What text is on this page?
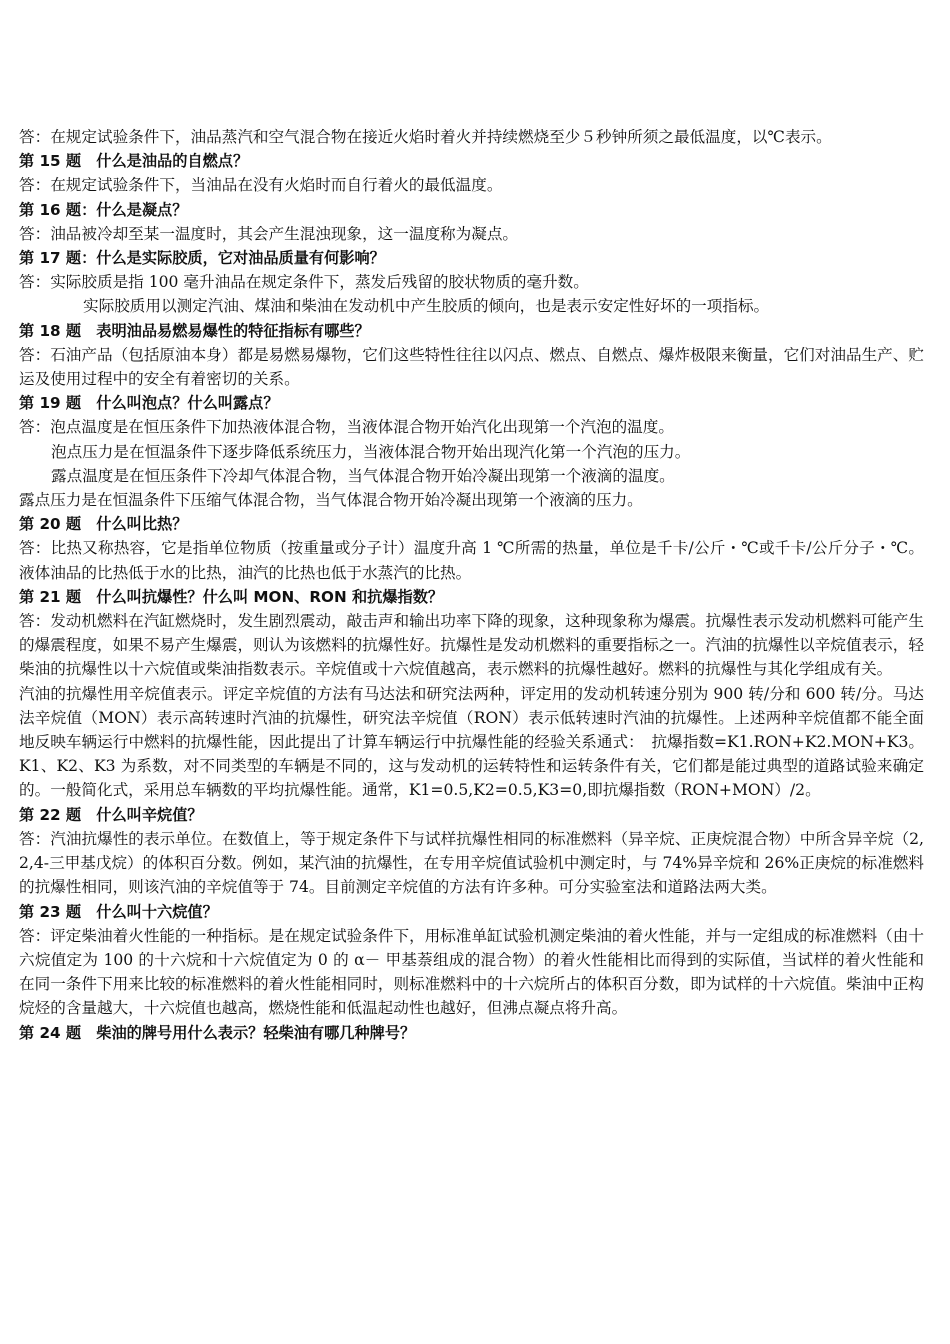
答：在规定试验条件下，油品蒸汽和空气混合物在接近火焰时着火并持续燃烧至少５秒钟所须之最低温度，以℃表示。

第 15 题　什么是油品的自燃点？

答：在规定试验条件下，当油品在没有火焰时而自行着火的最低温度。

第 16 题：什么是凝点？

答：油品被冷却至某一温度时，其会产生混浊现象，这一温度称为凝点。

第 17 题：什么是实际胶质，它对油品质量有何影响？

答：实际胶质是指 100 毫升油品在规定条件下，蒸发后残留的胶状物质的毫升数。

实际胶质用以测定汽油、煤油和柴油在发动机中产生胶质的倾向，也是表示安定性好坏的一项指标。

第 18 题　表明油品易燃易爆性的特征指标有哪些？

答：石油产品（包括原油本身）都是易燃易爆物，它们这些特性往往以闪点、燃点、自燃点、爆炸极限来衡量，它们对油品生产、贮运及使用过程中的安全有着密切的关系。

第 19 题　什么叫泡点？什么叫露点？

答：泡点温度是在恒压条件下加热液体混合物，当液体混合物开始汽化出现第一个汽泡的温度。

泡点压力是在恒温条件下逐步降低系统压力，当液体混合物开始出现汽化第一个汽泡的压力。

露点温度是在恒压条件下冷却气体混合物，当气体混合物开始冷凝出现第一个液滴的温度。

露点压力是在恒温条件下压缩气体混合物，当气体混合物开始冷凝出现第一个液滴的压力。

第 20 题　什么叫比热？

答：比热又称热容，它是指单位物质（按重量或分子计）温度升高 1 ℃所需的热量，单位是千卡/公斤・℃或千卡/公斤分子・℃。液体油品的比热低于水的比热，油汽的比热也低于水蒸汽的比热。

第 21 题　什么叫抗爆性？什么叫 MON、RON 和抗爆指数？

答：发动机燃料在汽缸燃烧时，发生剧烈震动，敲击声和输出功率下降的现象，这种现象称为爆震。抗爆性表示发动机燃料可能产生的爆震程度，如果不易产生爆震，则认为该燃料的抗爆性好。抗爆性是发动机燃料的重要指标之一。汽油的抗爆性以辛烷值表示，轻柴油的抗爆性以十六烷值或柴油指数表示。辛烷值或十六烷值越高，表示燃料的抗爆性越好。燃料的抗爆性与其化学组成有关。

汽油的抗爆性用辛烷值表示。评定辛烷值的方法有马达法和研究法两种，评定用的发动机转速分别为 900 转/分和 600 转/分。马达法辛烷值（MON）表示高转速时汽油的抗爆性，研究法辛烷值（RON）表示低转速时汽油的抗爆性。上述两种辛烷值都不能全面地反映车辆运行中燃料的抗爆性能，因此提出了计算车辆运行中抗爆性能的经验关系通式：　抗爆指数=K1.RON+K2.MON+K3。K1、K2、K3 为系数，对不同类型的车辆是不同的，这与发动机的运转特性和运转条件有关，它们都是能过典型的道路试验来确定的。一般简化式，采用总车辆数的平均抗爆性能。通常，K1=0.5,K2=0.5,K3=0,即抗爆指数（RON+MON）/2。

第 22 题　什么叫辛烷值？

答：汽油抗爆性的表示单位。在数值上，等于规定条件下与试样抗爆性相同的标准燃料（异辛烷、正庚烷混合物）中所含异辛烷（2,2,4-三甲基戊烷）的体积百分数。例如，某汽油的抗爆性，在专用辛烷值试验机中测定时，与 74%异辛烷和 26%正庚烷的标准燃料的抗爆性相同，则该汽油的辛烷值等于 74。目前测定辛烷值的方法有许多种。可分实验室法和道路法两大类。

第 23 题　什么叫十六烷值？

答：评定柴油着火性能的一种指标。是在规定试验条件下，用标准单缸试验机测定柴油的着火性能，并与一定组成的标准燃料（由十六烷值定为 100 的十六烷和十六烷值定为 0 的 α－ 甲基萘组成的混合物）的着火性能相比而得到的实际值，当试样的着火性能和在同一条件下用来比较的标准燃料的着火性能相同时，则标准燃料中的十六烷所占的体积百分数，即为试样的十六烷值。柴油中正构烷烃的含量越大，十六烷值也越高，燃烧性能和低温起动性也越好，但沸点凝点将升高。

第 24 题　柴油的牌号用什么表示？轻柴油有哪几种牌号？
